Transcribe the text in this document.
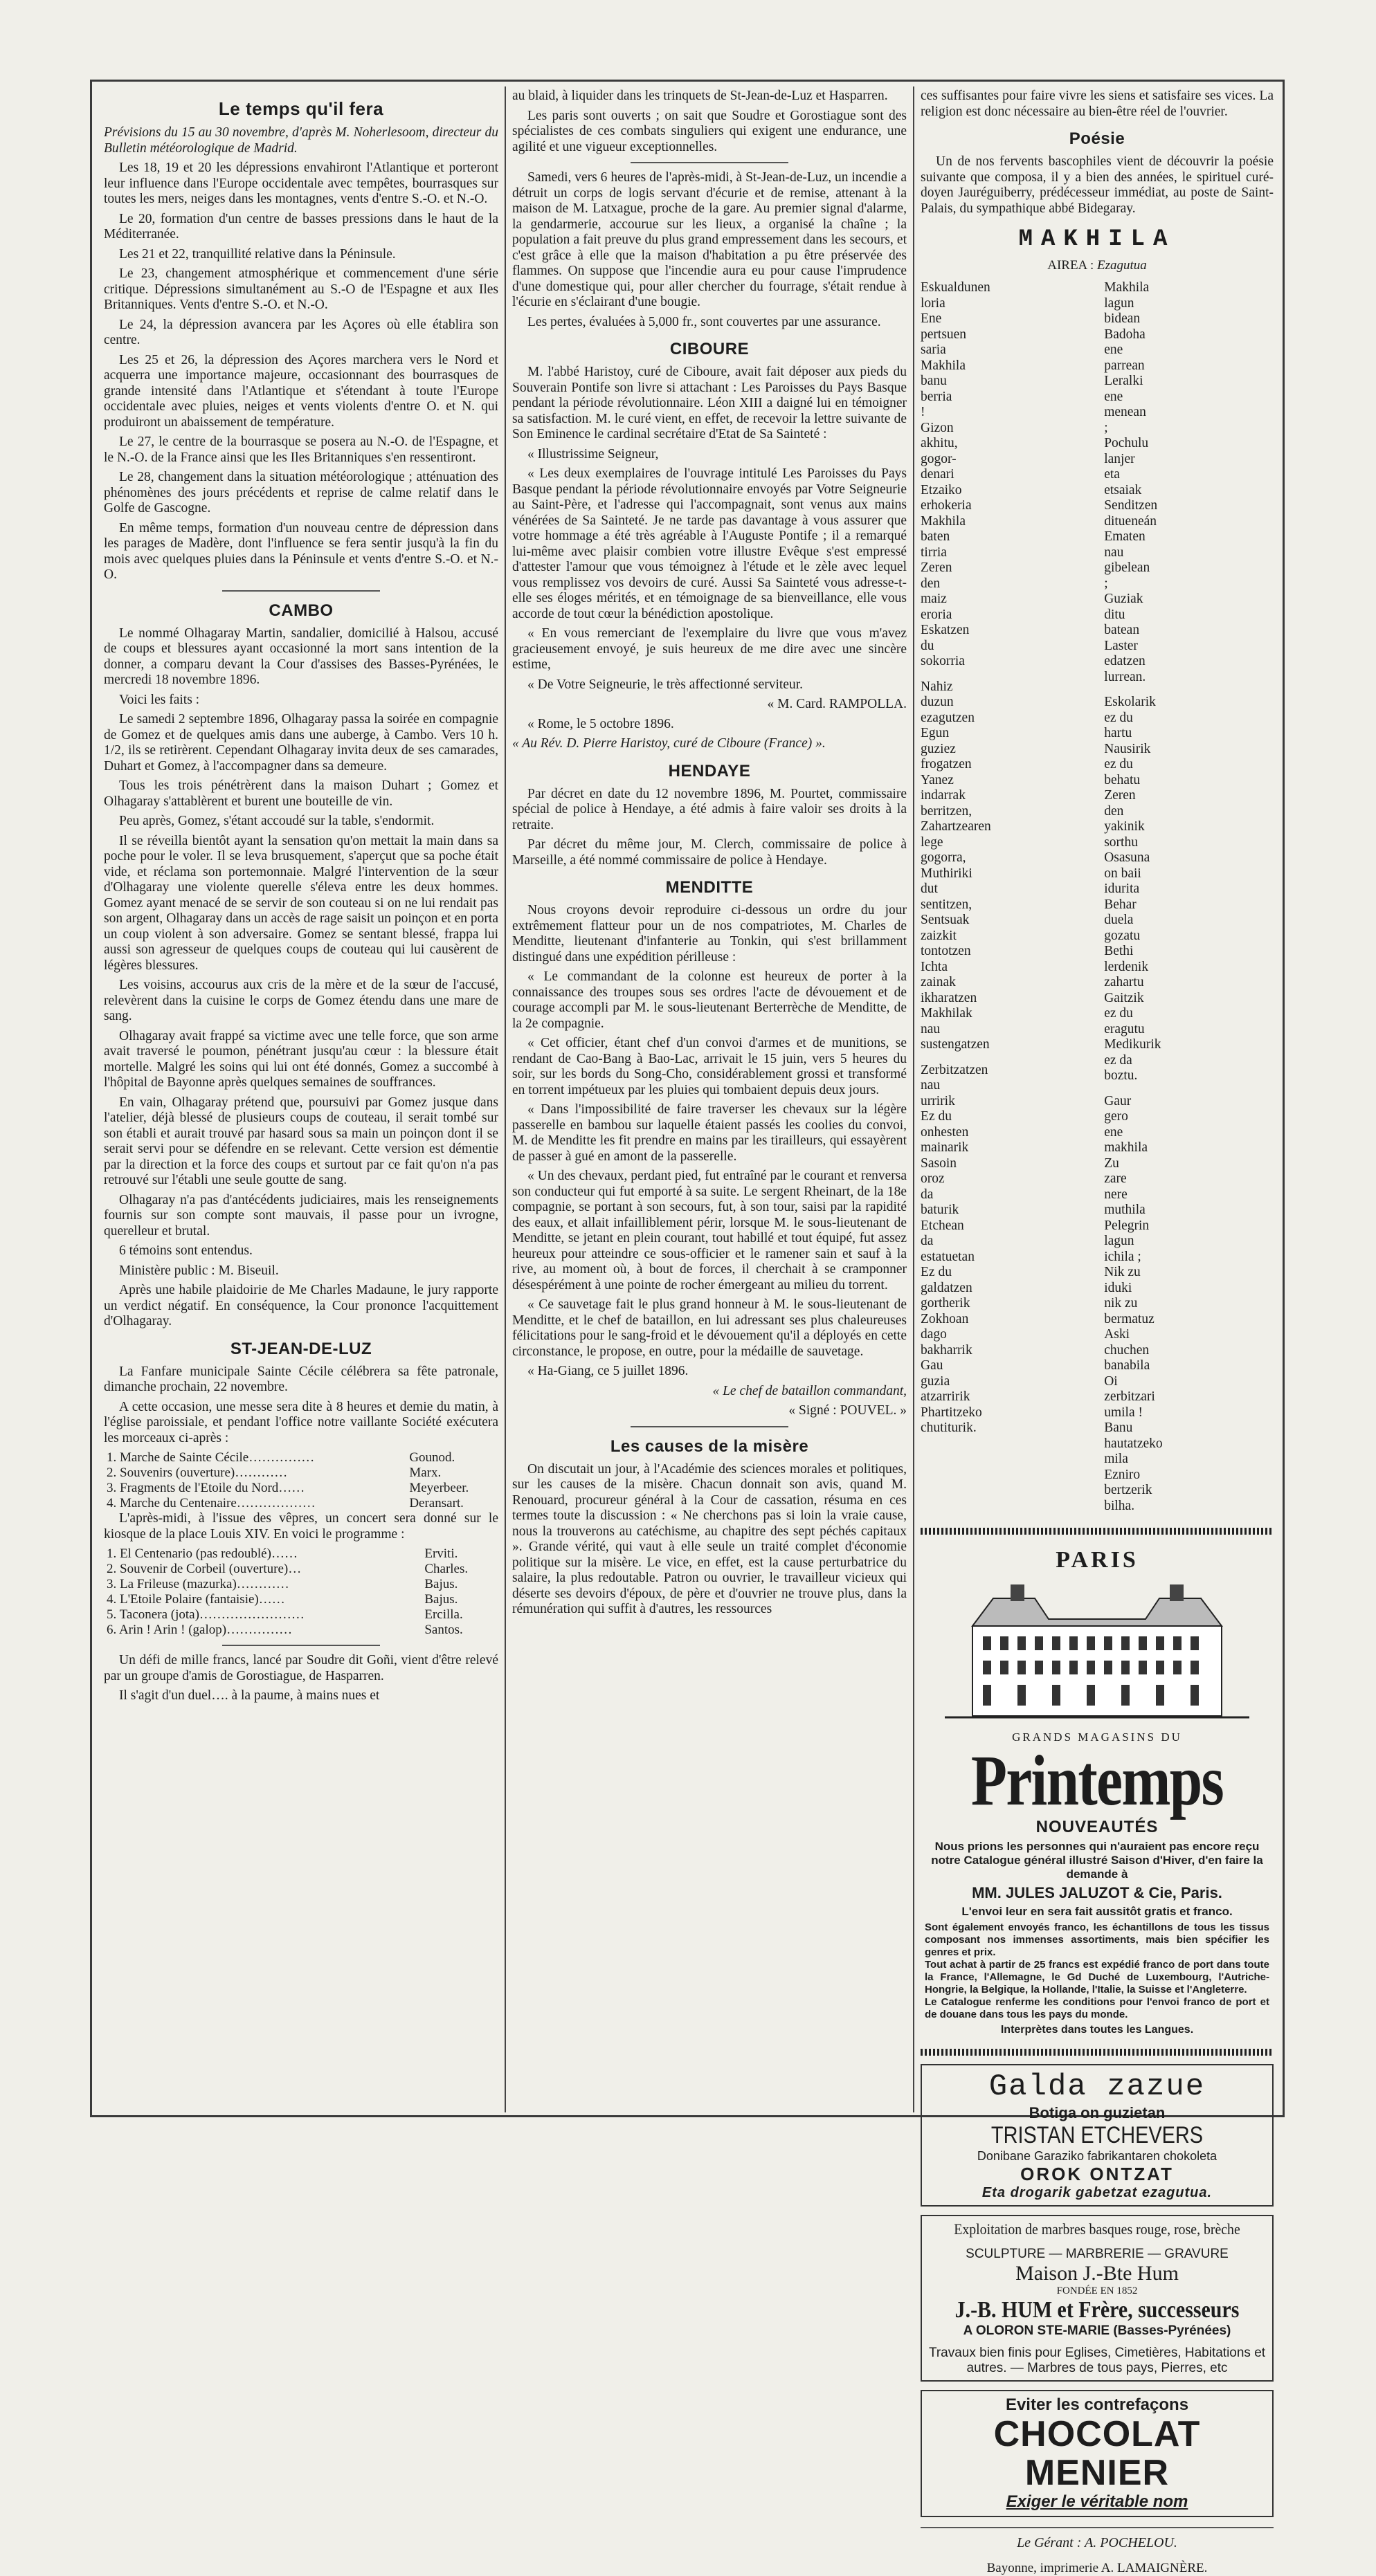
Le temps qu'il fera

Prévisions du 15 au 30 novembre, d'après M. Noherlesoom, directeur du Bulletin météorologique de Madrid.

Les 18, 19 et 20 les dépressions envahiront l'Atlantique et porteront leur influence dans l'Europe occidentale avec tempêtes, bourrasques sur toutes les mers, neiges dans les montagnes, vents d'entre S.-O. et N.-O.

Le 20, formation d'un centre de basses pressions dans le haut de la Méditerranée.

Les 21 et 22, tranquillité relative dans la Péninsule.

Le 23, changement atmosphérique et commencement d'une série critique. Dépressions simultanément au S.-O de l'Espagne et aux Iles Britanniques. Vents d'entre S.-O. et N.-O.

Le 24, la dépression avancera par les Açores où elle établira son centre.

Les 25 et 26, la dépression des Açores marchera vers le Nord et acquerra une importance majeure, occasionnant des bourrasques de grande intensité dans l'Atlantique et s'étendant à toute l'Europe occidentale avec pluies, neiges et vents violents d'entre O. et N. qui produiront un abaissement de température.

Le 27, le centre de la bourrasque se posera au N.-O. de l'Espagne, et le N.-O. de la France ainsi que les Iles Britanniques s'en ressentiront.

Le 28, changement dans la situation météorologique ; atténuation des phénomènes des jours précédents et reprise de calme relatif dans le Golfe de Gascogne.

En même temps, formation d'un nouveau centre de dépression dans les parages de Madère, dont l'influence se fera sentir jusqu'à la fin du mois avec quelques pluies dans la Péninsule et vents d'entre S.-O. et N.-O.

CAMBO

Le nommé Olhagaray Martin, sandalier, domicilié à Halsou, accusé de coups et blessures ayant occasionné la mort sans intention de la donner, a comparu devant la Cour d'assises des Basses-Pyrénées, le mercredi 18 novembre 1896.

Voici les faits :

Le samedi 2 septembre 1896, Olhagaray passa la soirée en compagnie de Gomez et de quelques amis dans une auberge, à Cambo. Vers 10 h. 1/2, ils se retirèrent. Cependant Olhagaray invita deux de ses camarades, Duhart et Gomez, à l'accompagner dans sa demeure.

Tous les trois pénétrèrent dans la maison Duhart ; Gomez et Olhagaray s'attablèrent et burent une bouteille de vin.

Peu après, Gomez, s'étant accoudé sur la table, s'endormit.

Il se réveilla bientôt ayant la sensation qu'on mettait la main dans sa poche pour le voler. Il se leva brusquement, s'aperçut que sa poche était vide, et réclama son portemonnaie. Malgré l'intervention de la sœur d'Olhagaray une violente querelle s'éleva entre les deux hommes. Gomez ayant menacé de se servir de son couteau si on ne lui rendait pas son argent, Olhagaray dans un accès de rage saisit un poinçon et en porta un coup violent à son adversaire. Gomez se sentant blessé, frappa lui aussi son agresseur de quelques coups de couteau qui lui causèrent de légères blessures.

Les voisins, accourus aux cris de la mère et de la sœur de l'accusé, relevèrent dans la cuisine le corps de Gomez étendu dans une mare de sang.

Olhagaray avait frappé sa victime avec une telle force, que son arme avait traversé le poumon, pénétrant jusqu'au cœur : la blessure était mortelle. Malgré les soins qui lui ont été donnés, Gomez a succombé à l'hôpital de Bayonne après quelques semaines de souffrances.

En vain, Olhagaray prétend que, poursuivi par Gomez jusque dans l'atelier, déjà blessé de plusieurs coups de couteau, il serait tombé sur son établi et aurait trouvé par hasard sous sa main un poinçon dont il se serait servi pour se défendre en se relevant. Cette version est démentie par la direction et la force des coups et surtout par ce fait qu'on n'a pas retrouvé sur l'établi une seule goutte de sang.

Olhagaray n'a pas d'antécédents judiciaires, mais les renseignements fournis sur son compte sont mauvais, il passe pour un ivrogne, querelleur et brutal.

6 témoins sont entendus.

Ministère public : M. Biseuil.

Après une habile plaidoirie de Me Charles Madaune, le jury rapporte un verdict négatif. En conséquence, la Cour prononce l'acquittement d'Olhagaray.

ST-JEAN-DE-LUZ

La Fanfare municipale Sainte Cécile célébrera sa fête patronale, dimanche prochain, 22 novembre.

A cette occasion, une messe sera dite à 8 heures et demie du matin, à l'église paroissiale, et pendant l'office notre vaillante Société exécutera les morceaux ci-après :

1. Marche de Sainte Cécile……………	Gounod.
2. Souvenirs (ouverture)…………	Marx.
3. Fragments de l'Etoile du Nord……	Meyerbeer.
4. Marche du Centenaire………………	Deransart.

L'après-midi, à l'issue des vêpres, un concert sera donné sur le kiosque de la place Louis XIV. En voici le programme :

1. El Centenario (pas redoublé)……	Erviti.
2. Souvenir de Corbeil (ouverture)…	Charles.
3. La Frileuse (mazurka)…………	Bajus.
4. L'Etoile Polaire (fantaisie)……	Bajus.
5. Taconera (jota)……………………	Ercilla.
6. Arin ! Arin ! (galop)……………	Santos.

Un défi de mille francs, lancé par Soudre dit Goñi, vient d'être relevé par un groupe d'amis de Gorostiague, de Hasparren.

Il s'agit d'un duel…. à la paume, à mains nues et

au blaid, à liquider dans les trinquets de St-Jean-de-Luz et Hasparren.

Les paris sont ouverts ; on sait que Soudre et Gorostiague sont des spécialistes de ces combats singuliers qui exigent une endurance, une agilité et une vigueur exceptionnelles.

Samedi, vers 6 heures de l'après-midi, à St-Jean-de-Luz, un incendie a détruit un corps de logis servant d'écurie et de remise, attenant à la maison de M. Latxague, proche de la gare. Au premier signal d'alarme, la gendarmerie, accourue sur les lieux, a organisé la chaîne ; la population a fait preuve du plus grand empressement dans les secours, et c'est grâce à elle que la maison d'habitation a pu être préservée des flammes. On suppose que l'incendie aura eu pour cause l'imprudence d'une domestique qui, pour aller chercher du fourrage, s'était rendue à l'écurie en s'éclairant d'une bougie.

Les pertes, évaluées à 5,000 fr., sont couvertes par une assurance.

CIBOURE

M. l'abbé Haristoy, curé de Ciboure, avait fait déposer aux pieds du Souverain Pontife son livre si attachant : Les Paroisses du Pays Basque pendant la période révolutionnaire. Léon XIII a daigné lui en témoigner sa satisfaction. M. le curé vient, en effet, de recevoir la lettre suivante de Son Eminence le cardinal secrétaire d'Etat de Sa Sainteté :

« Illustrissime Seigneur,

« Les deux exemplaires de l'ouvrage intitulé Les Paroisses du Pays Basque pendant la période révolutionnaire envoyés par Votre Seigneurie au Saint-Père, et l'adresse qui l'accompagnait, sont venus aux mains vénérées de Sa Sainteté. Je ne tarde pas davantage à vous assurer que votre hommage a été très agréable à l'Auguste Pontife ; il a remarqué lui-même avec plaisir combien votre illustre Evêque s'est empressé d'attester l'amour que vous témoignez à l'étude et le zèle avec lequel vous remplissez vos devoirs de curé. Aussi Sa Sainteté vous adresse-t-elle ses éloges mérités, et en témoignage de sa bienveillance, elle vous accorde de tout cœur la bénédiction apostolique.

« En vous remerciant de l'exemplaire du livre que vous m'avez gracieusement envoyé, je suis heureux de me dire avec une sincère estime,

« De Votre Seigneurie, le très affectionné serviteur.

« M. Card. RAMPOLLA.

« Rome, le 5 octobre 1896.

« Au Rév. D. Pierre Haristoy, curé de Ciboure (France) ».

HENDAYE

Par décret en date du 12 novembre 1896, M. Pourtet, commissaire spécial de police à Hendaye, a été admis à faire valoir ses droits à la retraite.

Par décret du même jour, M. Clerch, commissaire de police à Marseille, a été nommé commissaire de police à Hendaye.

MENDITTE

Nous croyons devoir reproduire ci-dessous un ordre du jour extrêmement flatteur pour un de nos compatriotes, M. Charles de Menditte, lieutenant d'infanterie au Tonkin, qui s'est brillamment distingué dans une expédition périlleuse :

« Le commandant de la colonne est heureux de porter à la connaissance des troupes sous ses ordres l'acte de dévouement et de courage accompli par M. le sous-lieutenant Berterrèche de Menditte, de la 2e compagnie.

« Cet officier, étant chef d'un convoi d'armes et de munitions, se rendant de Cao-Bang à Bao-Lac, arrivait le 15 juin, vers 5 heures du soir, sur les bords du Song-Cho, considérablement grossi et transformé en torrent impétueux par les pluies qui tombaient depuis deux jours.

« Dans l'impossibilité de faire traverser les chevaux sur la légère passerelle en bambou sur laquelle étaient passés les coolies du convoi, M. de Menditte les fit prendre en mains par les tirailleurs, qui essayèrent de passer à gué en amont de la passerelle.

« Un des chevaux, perdant pied, fut entraîné par le courant et renversa son conducteur qui fut emporté à sa suite. Le sergent Rheinart, de la 18e compagnie, se portant à son secours, fut, à son tour, saisi par la rapidité des eaux, et allait infailliblement périr, lorsque M. le sous-lieutenant de Menditte, se jetant en plein courant, tout habillé et tout équipé, fut assez heureux pour atteindre ce sous-officier et le ramener sain et sauf à la rive, au moment où, à bout de forces, il cherchait à se cramponner désespérément à une pointe de rocher émergeant au milieu du torrent.

« Ce sauvetage fait le plus grand honneur à M. le sous-lieutenant de Menditte, et le chef de bataillon, en lui adressant ses plus chaleureuses félicitations pour le sang-froid et le dévouement qu'il a déployés en cette circonstance, le propose, en outre, pour la médaille de sauvetage.

« Ha-Giang, ce 5 juillet 1896.

« Le chef de bataillon commandant,

« Signé : POUVEL. »

Les causes de la misère

On discutait un jour, à l'Académie des sciences morales et politiques, sur les causes de la misère. Chacun donnait son avis, quand M. Renouard, procureur général à la Cour de cassation, résuma en ces termes toute la discussion : « Ne cherchons pas si loin la vraie cause, nous la trouverons au catéchisme, au chapitre des sept péchés capitaux ». Grande vérité, qui vaut à elle seule un traité complet d'économie politique sur la misère. Le vice, en effet, est la cause perturbatrice du salaire, la plus redoutable. Patron ou ouvrier, le travailleur vicieux qui déserte ses devoirs d'époux, de père et d'ouvrier ne trouve plus, dans la rémunération qui suffit à d'autres, les ressources

ces suffisantes pour faire vivre les siens et satisfaire ses vices. La religion est donc nécessaire au bien-être réel de l'ouvrier.

Poésie

Un de nos fervents bascophiles vient de découvrir la poésie suivante que composa, il y a bien des années, le spirituel curé-doyen Jauréguiberry, prédécesseur immédiat, au poste de Saint-Palais, du sympathique abbé Bidegaray.

MAKHILA
AIREA : Ezagutua
Eskualdunen loria
Ene pertsuen saria
Makhila banu berria !
Gizon akhitu, gogor-denari
Etzaiko erhokeria
Makhila baten tirria
Zeren den maiz eroria
Eskatzen du sokorria
Nahiz duzun ezagutzen
Egun guziez frogatzen
Yanez indarrak berritzen,
Zahartzearen lege gogorra,
Muthiriki dut sentitzen,
Sentsuak zaizkit tontotzen
Ichta zainak ikharatzen
Makhilak nau sustengatzen
Zerbitzatzen nau urririk
Ez du onhesten mainarik
Sasoin oroz da baturik
Etchean da estatuetan
Ez du galdatzen gortherik
Zokhoan dago bakharrik
Gau guzia atzarririk
Phartitzeko chutiturik.
Makhila lagun bidean
Badoha ene parrean
Leralki ene menean ;
Pochulu lanjer eta etsaiak
Senditzen ditueneán
Ematen nau gibelean ;
Guziak ditu batean
Laster edatzen lurrean.
Eskolarik ez du hartu
Nausirik ez du behatu
Zeren den yakinik sorthu
Osasuna on baii idurita
Behar duela gozatu
Bethi lerdenik zahartu
Gaitzik ez du eragutu
Medikurik ez da boztu.
Gaur gero ene makhila
Zu zare nere muthila
Pelegrin lagun ichila ;
Nik zu iduki nik zu bermatuz
Aski chuchen banabila
Oi zerbitzari umila !
Banu hautatzeko mila
Ezniro bertzerik bilha.
PARIS
GRANDS MAGASINS DU
Printemps
NOUVEAUTÉS
Nous prions les personnes qui n'auraient pas encore reçu notre Catalogue général illustré Saison d'Hiver, d'en faire la demande à
MM. JULES JALUZOT & Cie, Paris.
L'envoi leur en sera fait aussitôt gratis et franco.
Sont également envoyés franco, les échantillons de tous les tissus composant nos immenses assortiments, mais bien spécifier les genres et prix.
Tout achat à partir de 25 francs est expédié franco de port dans toute la France, l'Allemagne, le Gd Duché de Luxembourg, l'Autriche-Hongrie, la Belgique, la Hollande, l'Italie, la Suisse et l'Angleterre.
Le Catalogue renferme les conditions pour l'envoi franco de port et de douane dans tous les pays du monde.
Interprètes dans toutes les Langues.
Galda zazue
Botiga on guzietan
TRISTAN ETCHEVERS
Donibane Garaziko fabrikantaren chokoleta
OROK ONTZAT
Eta drogarik gabetzat ezagutua.
Exploitation de marbres basques rouge, rose, brèche
SCULPTURE — MARBRERIE — GRAVURE
Maison J.-Bte Hum
FONDÉE EN 1852
J.-B. HUM et Frère, successeurs
A OLORON STE-MARIE (Basses-Pyrénées)
Travaux bien finis pour Eglises, Cimetières, Habitations et autres. — Marbres de tous pays, Pierres, etc
Eviter les contrefaçons
CHOCOLAT
MENIER
Exiger le véritable nom
Le Gérant : A. POCHELOU.
Bayonne, imprimerie A. LAMAIGNÈRE.
